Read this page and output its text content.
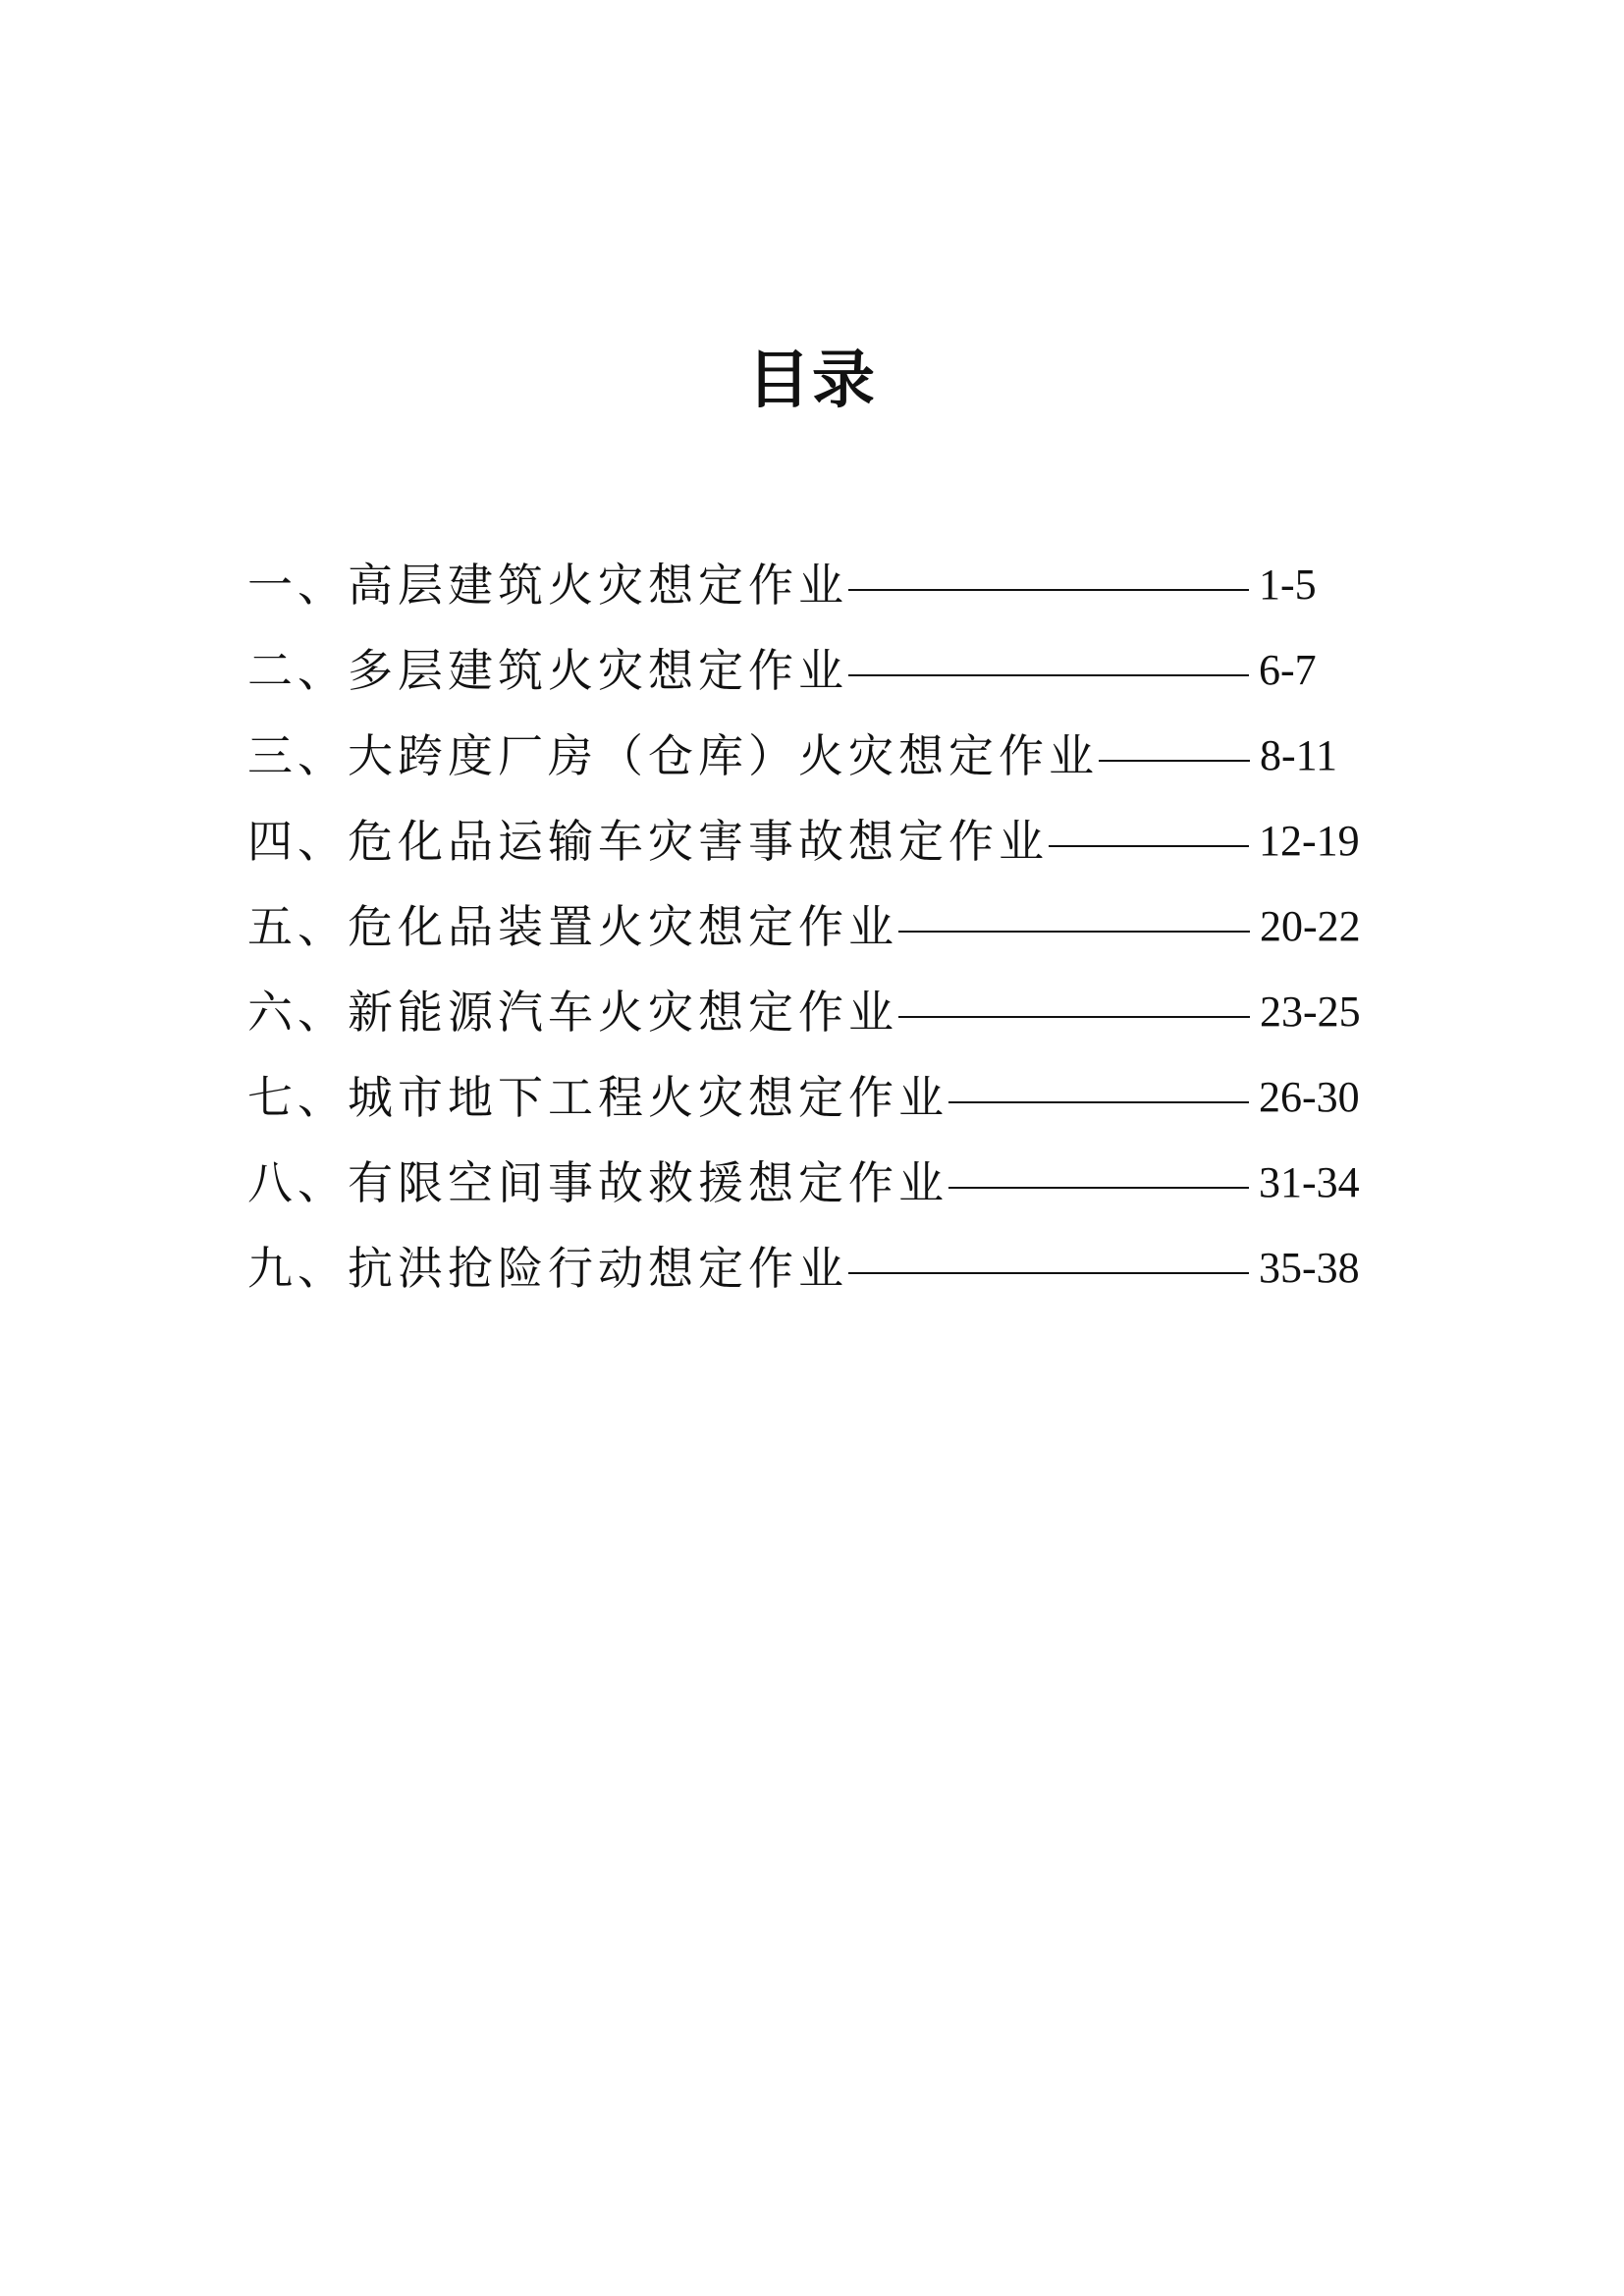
目录
一、高层建筑火灾想定作业	1-5
二、多层建筑火灾想定作业	6-7
三、大跨度厂房（仓库）火灾想定作业	8-11
四、危化品运输车灾害事故想定作业	12-19
五、危化品装置火灾想定作业	20-22
六、新能源汽车火灾想定作业	23-25
七、城市地下工程火灾想定作业	26-30
八、有限空间事故救援想定作业	31-34
九、抗洪抢险行动想定作业	35-38
